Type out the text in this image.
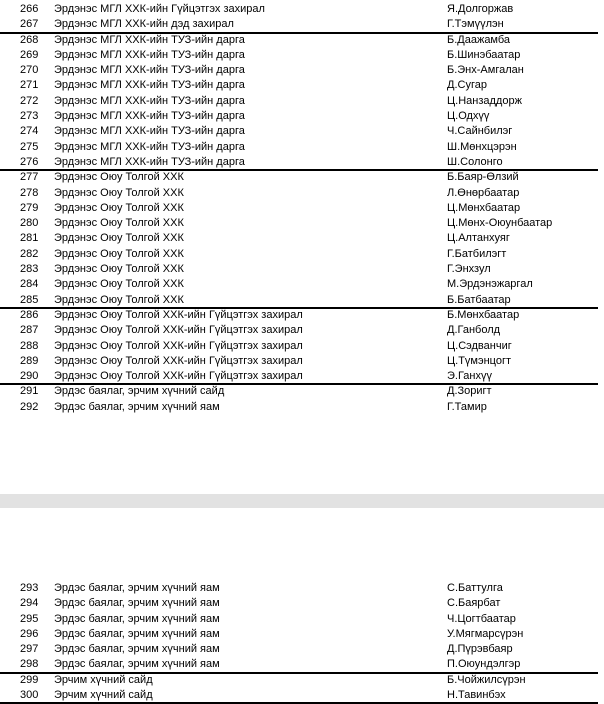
266	Эрдэнэс МГЛ ХХК-ийн Гүйцэтгэх захирал	Я.Долгоржав
267	Эрдэнэс МГЛ ХХК-ийн дэд захирал	Г.Тэмүүлэн
268	Эрдэнэс МГЛ ХХК-ийн ТУЗ-ийн дарга	Б.Даажамба
269	Эрдэнэс МГЛ ХХК-ийн ТУЗ-ийн дарга	Б.Шинэбаатар
270	Эрдэнэс МГЛ ХХК-ийн ТУЗ-ийн дарга	Б.Энх-Амгалан
271	Эрдэнэс МГЛ ХХК-ийн ТУЗ-ийн дарга	Д.Сугар
272	Эрдэнэс МГЛ ХХК-ийн ТУЗ-ийн дарга	Ц.Нанзаддорж
273	Эрдэнэс МГЛ ХХК-ийн ТУЗ-ийн дарга	Ц.Одхүү
274	Эрдэнэс МГЛ ХХК-ийн ТУЗ-ийн дарга	Ч.Сайнбилэг
275	Эрдэнэс МГЛ ХХК-ийн ТУЗ-ийн дарга	Ш.Мөнхцэрэн
276	Эрдэнэс МГЛ ХХК-ийн ТУЗ-ийн дарга	Ш.Солонго
277	Эрдэнэс Оюу Толгой ХХК	Б.Баяр-Өлзий
278	Эрдэнэс Оюу Толгой ХХК	Л.Өнөрбаатар
279	Эрдэнэс Оюу Толгой ХХК	Ц.Мөнхбаатар
280	Эрдэнэс Оюу Толгой ХХК	Ц.Мөнх-Оюунбаатар
281	Эрдэнэс Оюу Толгой ХХК	Ц.Алтанхуяг
282	Эрдэнэс Оюу Толгой ХХК	Г.Батбилэгт
283	Эрдэнэс Оюу Толгой ХХК	Г.Энхзул
284	Эрдэнэс Оюу Толгой ХХК	М.Эрдэнэжаргал
285	Эрдэнэс Оюу Толгой ХХК	Б.Батбаатар
286	Эрдэнэс Оюу Толгой ХХК-ийн Гүйцэтгэх захирал	Б.Мөнхбаатар
287	Эрдэнэс Оюу Толгой ХХК-ийн Гүйцэтгэх захирал	Д.Ганболд
288	Эрдэнэс Оюу Толгой ХХК-ийн Гүйцэтгэх захирал	Ц.Сэдванчиг
289	Эрдэнэс Оюу Толгой ХХК-ийн Гүйцэтгэх захирал	Ц.Түмэнцогт
290	Эрдэнэс Оюу Толгой ХХК-ийн Гүйцэтгэх захирал	Э.Ганхүү
291	Эрдэс баялаг, эрчим хүчний сайд	Д.Зоригт
292	Эрдэс баялаг, эрчим хүчний яам	Г.Тамир
293	Эрдэс баялаг, эрчим хүчний яам	С.Баттулга
294	Эрдэс баялаг, эрчим хүчний яам	С.Баярбат
295	Эрдэс баялаг, эрчим хүчний яам	Ч.Цогтбаатар
296	Эрдэс баялаг, эрчим хүчний яам	У.Мягмарсүрэн
297	Эрдэс баялаг, эрчим хүчний яам	Д.Пүрэвбаяр
298	Эрдэс баялаг, эрчим хүчний яам	П.Оюундэлгэр
299	Эрчим хүчний сайд	Б.Чойжилсүрэн
300	Эрчим хүчний сайд	Н.Тавинбэх
